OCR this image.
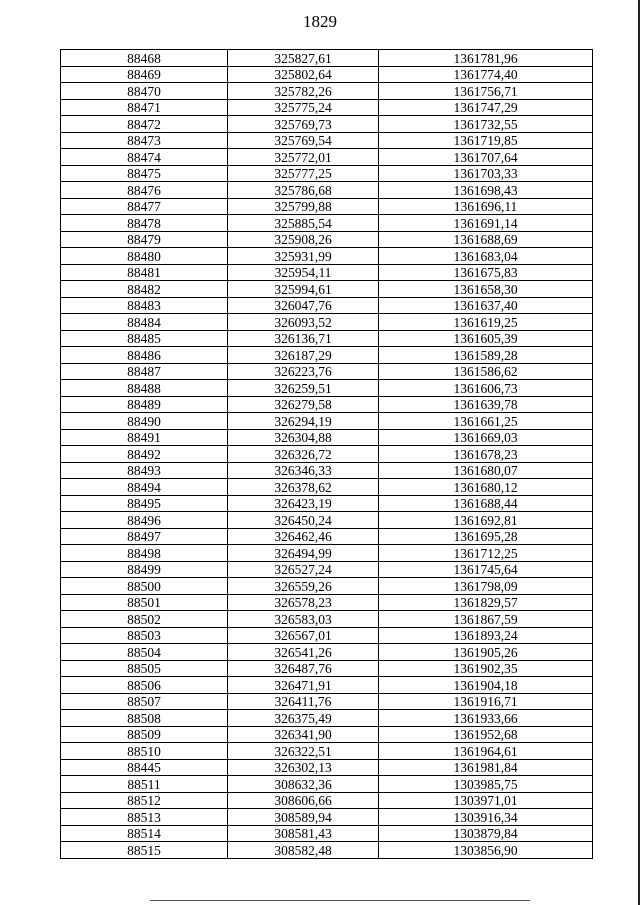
1829
88468	325827,61	1361781,96
88469	325802,64	1361774,40
88470	325782,26	1361756,71
88471	325775,24	1361747,29
88472	325769,73	1361732,55
88473	325769,54	1361719,85
88474	325772,01	1361707,64
88475	325777,25	1361703,33
88476	325786,68	1361698,43
88477	325799,88	1361696,11
88478	325885,54	1361691,14
88479	325908,26	1361688,69
88480	325931,99	1361683,04
88481	325954,11	1361675,83
88482	325994,61	1361658,30
88483	326047,76	1361637,40
88484	326093,52	1361619,25
88485	326136,71	1361605,39
88486	326187,29	1361589,28
88487	326223,76	1361586,62
88488	326259,51	1361606,73
88489	326279,58	1361639,78
88490	326294,19	1361661,25
88491	326304,88	1361669,03
88492	326326,72	1361678,23
88493	326346,33	1361680,07
88494	326378,62	1361680,12
88495	326423,19	1361688,44
88496	326450,24	1361692,81
88497	326462,46	1361695,28
88498	326494,99	1361712,25
88499	326527,24	1361745,64
88500	326559,26	1361798,09
88501	326578,23	1361829,57
88502	326583,03	1361867,59
88503	326567,01	1361893,24
88504	326541,26	1361905,26
88505	326487,76	1361902,35
88506	326471,91	1361904,18
88507	326411,76	1361916,71
88508	326375,49	1361933,66
88509	326341,90	1361952,68
88510	326322,51	1361964,61
88445	326302,13	1361981,84
88511	308632,36	1303985,75
88512	308606,66	1303971,01
88513	308589,94	1303916,34
88514	308581,43	1303879,84
88515	308582,48	1303856,90
